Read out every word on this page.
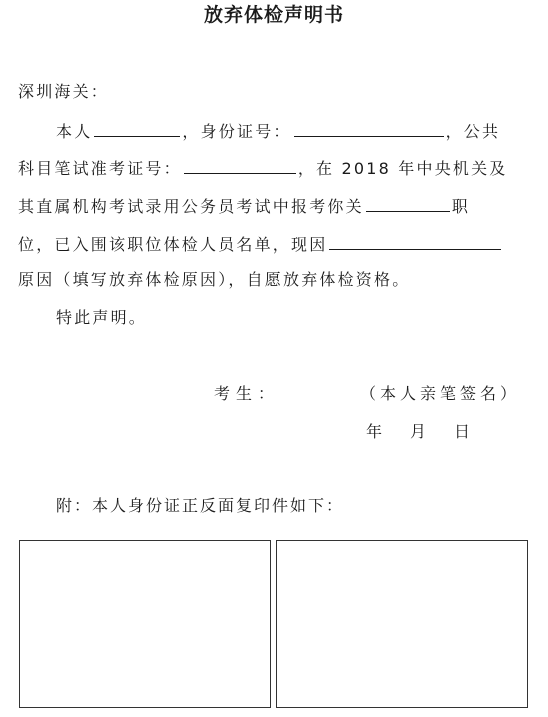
放弃体检声明书
深圳海关：
本人	，身份证号：	，公共
科目笔试准考证号：	，在 2018 年中央机关及
其直属机构考试录用公务员考试中报考你关	职
位，已入围该职位体检人员名单，现因
原因（填写放弃体检原因），自愿放弃体检资格。
特此声明。
考生：	（本人亲笔签名）
年 月 日
附：本人身份证正反面复印件如下：
